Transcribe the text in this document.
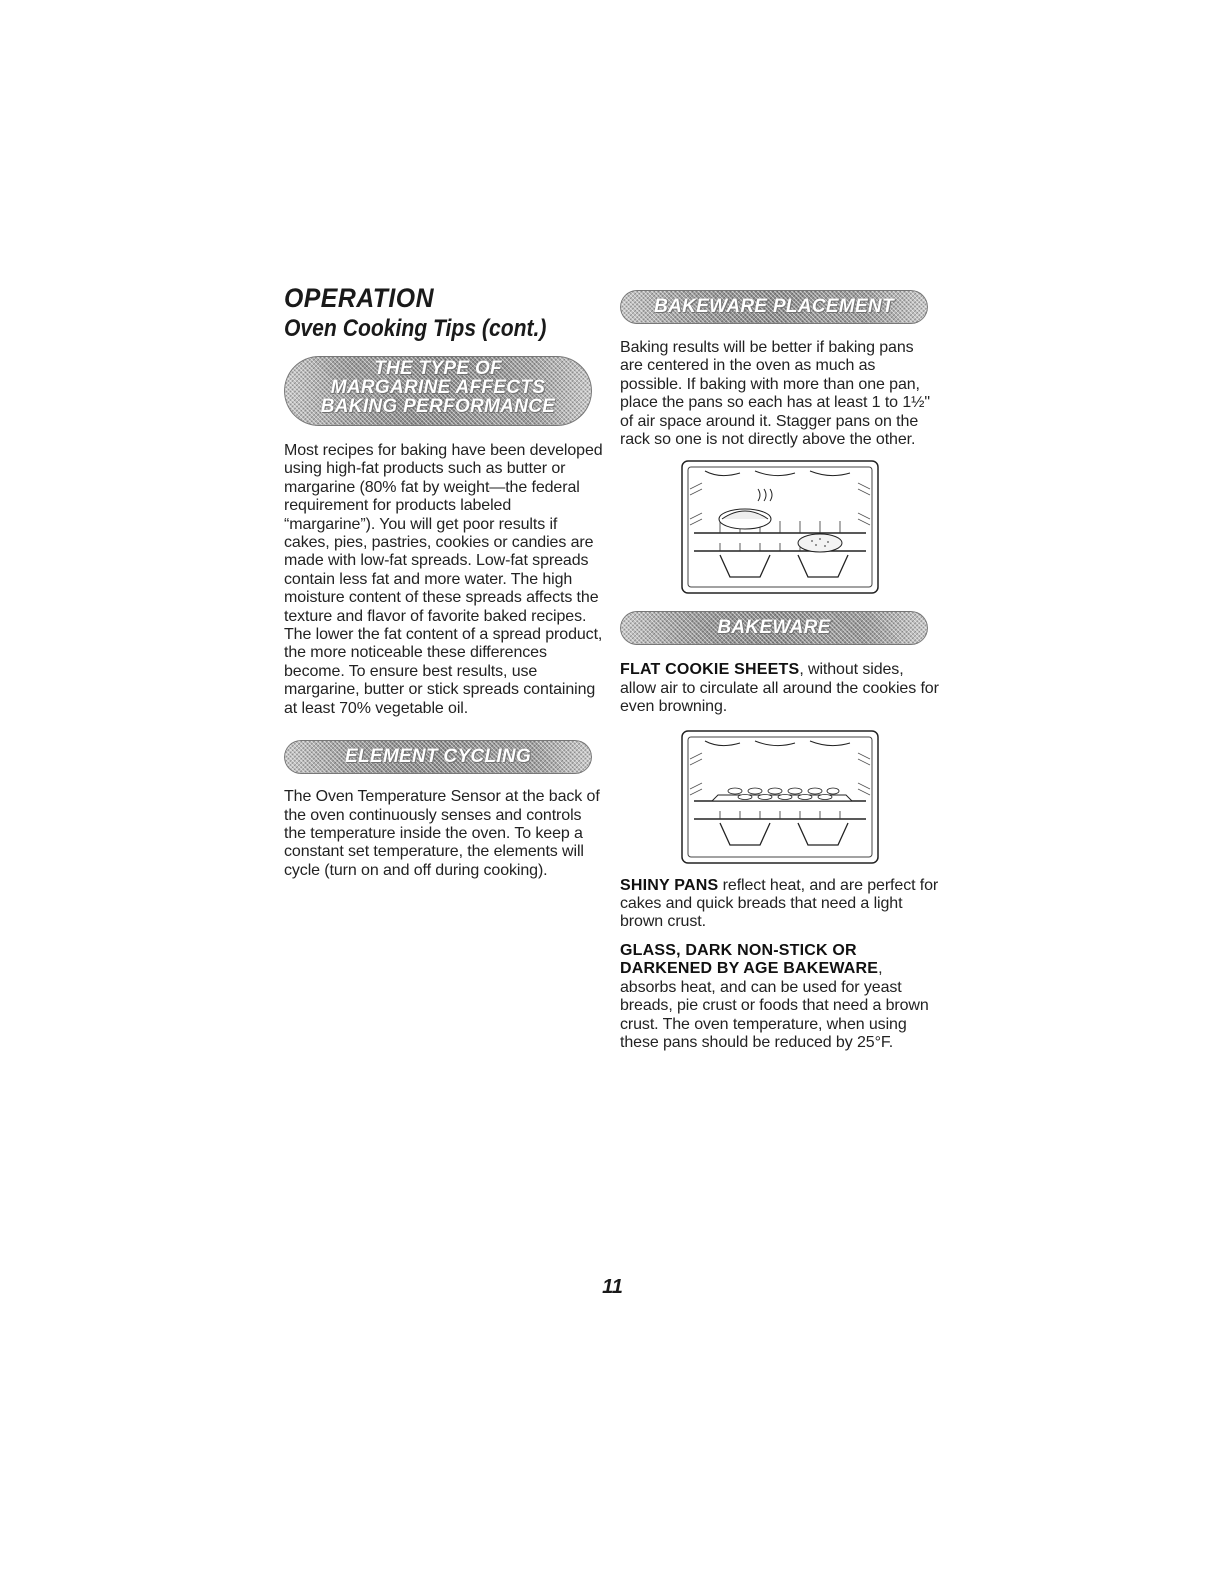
OPERATION
Oven Cooking Tips (cont.)
THE TYPE OF
MARGARINE AFFECTS
BAKING PERFORMANCE

Most recipes for baking have been developed using high-fat products such as butter or margarine (80% fat by weight—the federal requirement for products labeled “margarine”). You will get poor results if cakes, pies, pastries, cookies or candies are made with low-fat spreads. Low-fat spreads contain less fat and more water. The high moisture content of these spreads affects the texture and flavor of favorite baked recipes. The lower the fat content of a spread product, the more noticeable these differences become. To ensure best results, use margarine, butter or stick spreads containing at least 70% vegetable oil.

ELEMENT CYCLING

The Oven Temperature Sensor at the back of the oven continuously senses and controls the temperature inside the oven. To keep a constant set temperature, the elements will cycle (turn on and off during cooking).

BAKEWARE PLACEMENT

Baking results will be better if baking pans are centered in the oven as much as possible. If baking with more than one pan, place the pans so each has at least 1 to 1½" of air space around it. Stagger pans on the rack so one is not directly above the other.

BAKEWARE

FLAT COOKIE SHEETS, without sides, allow air to circulate all around the cookies for even browning.

SHINY PANS reflect heat, and are perfect for cakes and quick breads that need a light brown crust.

GLASS, DARK NON-STICK OR DARKENED BY AGE BAKEWARE, absorbs heat, and can be used for yeast breads, pie crust or foods that need a brown crust. The oven temperature, when using these pans should be reduced by 25°F.

11
